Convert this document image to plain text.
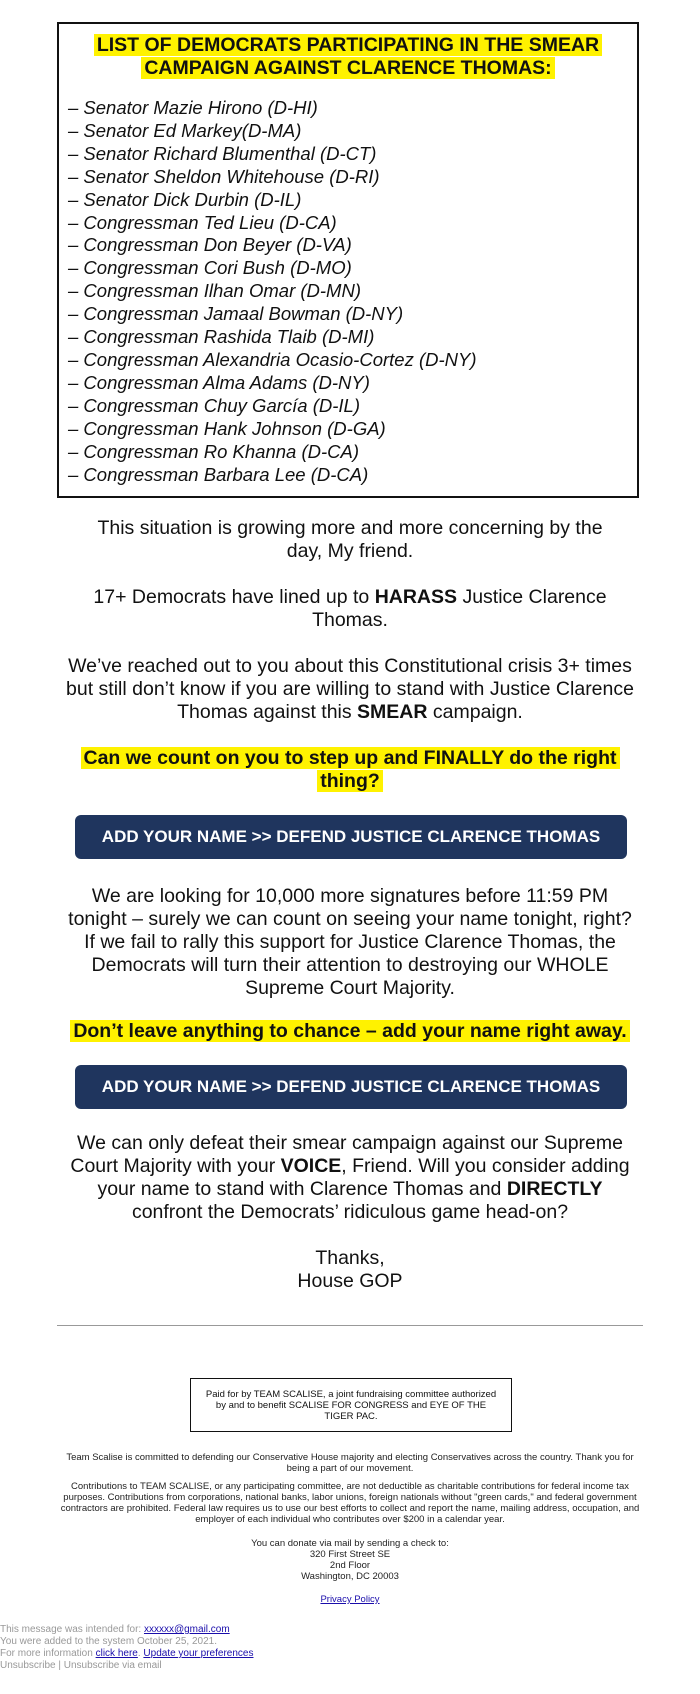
LIST OF DEMOCRATS PARTICIPATING IN THE SMEAR
CAMPAIGN AGAINST CLARENCE THOMAS:
– Senator Mazie Hirono (D-HI)
– Senator Ed Markey(D-MA)
– Senator Richard Blumenthal (D-CT)
– Senator Sheldon Whitehouse (D-RI)
– Senator Dick Durbin (D-IL)
– Congressman Ted Lieu (D-CA)
– Congressman Don Beyer (D-VA)
– Congressman Cori Bush (D-MO)
– Congressman Ilhan Omar (D-MN)
– Congressman Jamaal Bowman (D-NY)
– Congressman Rashida Tlaib (D-MI)
– Congressman Alexandria Ocasio-Cortez (D-NY)
– Congressman Alma Adams (D-NY)
– Congressman Chuy García (D-IL)
– Congressman Hank Johnson (D-GA)
– Congressman Ro Khanna (D-CA)
– Congressman Barbara Lee (D-CA)
This situation is growing more and more concerning by the
day, My friend.
17+ Democrats have lined up to HARASS Justice Clarence
Thomas.
We’ve reached out to you about this Constitutional crisis 3+ times
but still don’t know if you are willing to stand with Justice Clarence
Thomas against this SMEAR campaign.
Can we count on you to step up and FINALLY do the right
thing?
ADD YOUR NAME >> DEFEND JUSTICE CLARENCE THOMAS
We are looking for 10,000 more signatures before 11:59 PM
tonight – surely we can count on seeing your name tonight, right?
If we fail to rally this support for Justice Clarence Thomas, the
Democrats will turn their attention to destroying our WHOLE
Supreme Court Majority.
Don’t leave anything to chance – add your name right away.
ADD YOUR NAME >> DEFEND JUSTICE CLARENCE THOMAS
We can only defeat their smear campaign against our Supreme
Court Majority with your VOICE, Friend. Will you consider adding
your name to stand with Clarence Thomas and DIRECTLY
confront the Democrats’ ridiculous game head-on?
Thanks,
House GOP
Paid for by TEAM SCALISE, a joint fundraising committee authorized by and to benefit SCALISE FOR CONGRESS and EYE OF THE TIGER PAC.
Team Scalise is committed to defending our Conservative House majority and electing Conservatives across the country. Thank you for being a part of our movement.
Contributions to TEAM SCALISE, or any participating committee, are not deductible as charitable contributions for federal income tax purposes. Contributions from corporations, national banks, labor unions, foreign nationals without "green cards," and federal government contractors are prohibited. Federal law requires us to use our best efforts to collect and report the name, mailing address, occupation, and employer of each individual who contributes over $200 in a calendar year.
You can donate via mail by sending a check to:
320 First Street SE
2nd Floor
Washington, DC 20003
Privacy Policy
This message was intended for: xxxxxx@gmail.com
You were added to the system October 25, 2021.
For more information click here. Update your preferences
Unsubscribe | Unsubscribe via email
